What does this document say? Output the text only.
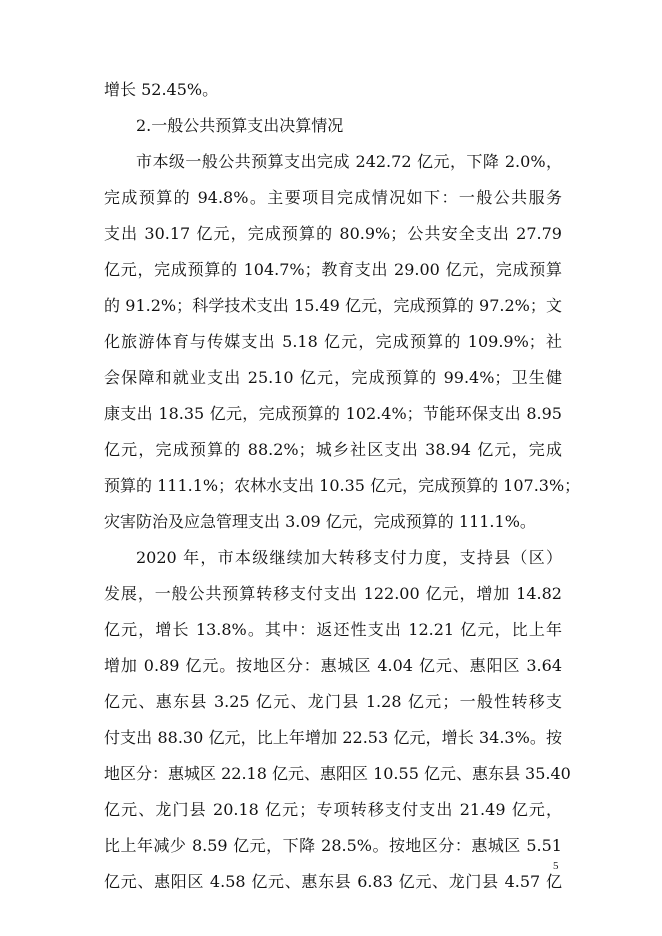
增长 52.45%。
2.一般公共预算支出决算情况
市本级一般公共预算支出完成 242.72 亿元，下降 2.0%，
完成预算的 94.8%。主要项目完成情况如下：一般公共服务
支出 30.17 亿元，完成预算的 80.9%；公共安全支出 27.79
亿元，完成预算的 104.7%；教育支出 29.00 亿元，完成预算
的 91.2%；科学技术支出 15.49 亿元，完成预算的 97.2%；文
化旅游体育与传媒支出 5.18 亿元，完成预算的 109.9%；社
会保障和就业支出 25.10 亿元，完成预算的 99.4%；卫生健
康支出 18.35 亿元，完成预算的 102.4%；节能环保支出 8.95
亿元，完成预算的 88.2%；城乡社区支出 38.94 亿元，完成
预算的 111.1%；农林水支出 10.35 亿元，完成预算的 107.3%；
灾害防治及应急管理支出 3.09 亿元，完成预算的 111.1%。
2020 年，市本级继续加大转移支付力度，支持县（区）
发展，一般公共预算转移支付支出 122.00 亿元，增加 14.82
亿元，增长 13.8%。其中：返还性支出 12.21 亿元，比上年
增加 0.89 亿元。按地区分：惠城区 4.04 亿元、惠阳区 3.64
亿元、惠东县 3.25 亿元、龙门县 1.28 亿元；一般性转移支
付支出 88.30 亿元，比上年增加 22.53 亿元，增长 34.3%。按
地区分：惠城区 22.18 亿元、惠阳区 10.55 亿元、惠东县 35.40
亿元、龙门县 20.18 亿元；专项转移支付支出 21.49 亿元，
比上年减少 8.59 亿元，下降 28.5%。按地区分：惠城区 5.51
亿元、惠阳区 4.58 亿元、惠东县 6.83 亿元、龙门县 4.57 亿
5
